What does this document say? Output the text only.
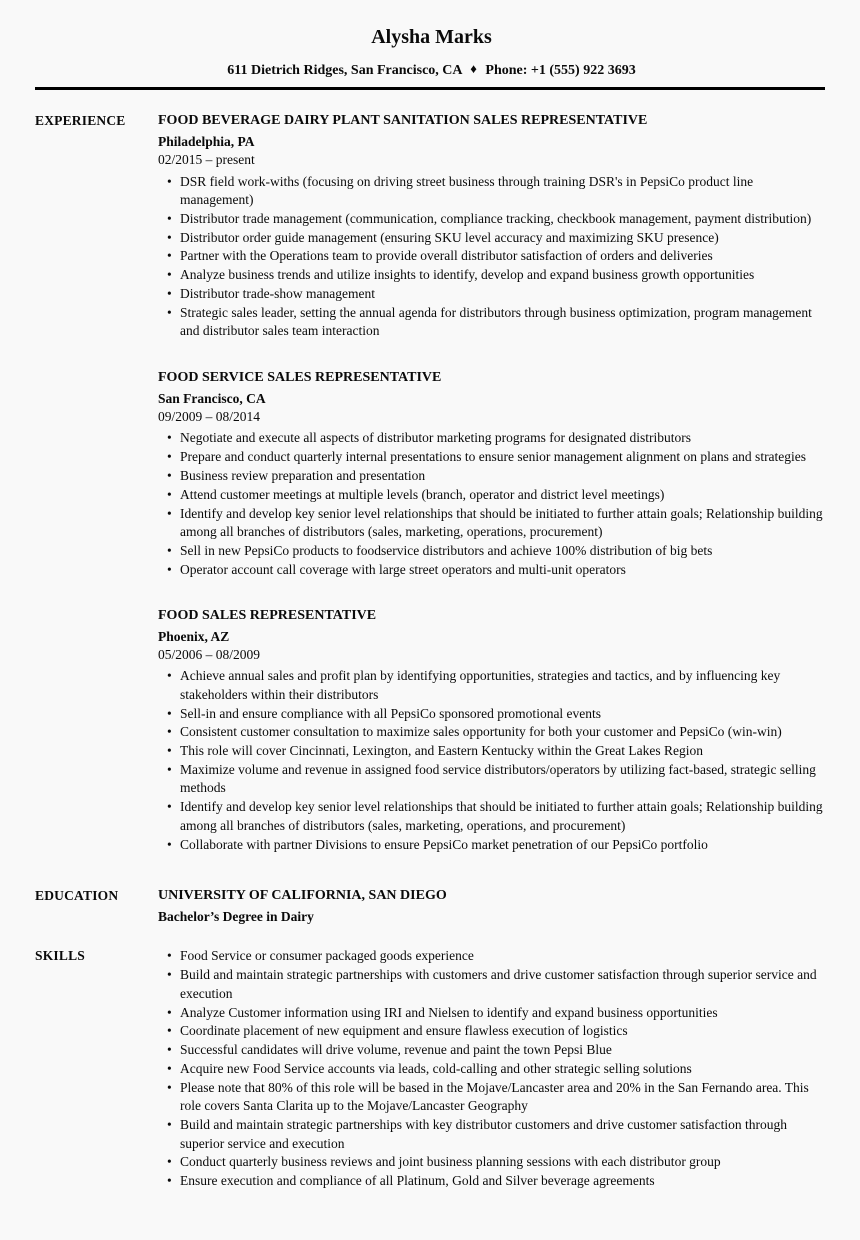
Alysha Marks
611 Dietrich Ridges, San Francisco, CA ♦ Phone: +1 (555) 922 3693
EXPERIENCE	FOOD BEVERAGE DAIRY PLANT SANITATION SALES REPRESENTATIVE
Philadelphia, PA
02/2015 – present
• DSR field work-withs (focusing on driving street business through training DSR's in PepsiCo product line management)
• Distributor trade management (communication, compliance tracking, checkbook management, payment distribution)
• Distributor order guide management (ensuring SKU level accuracy and maximizing SKU presence)
• Partner with the Operations team to provide overall distributor satisfaction of orders and deliveries
• Analyze business trends and utilize insights to identify, develop and expand business growth opportunities
• Distributor trade-show management
• Strategic sales leader, setting the annual agenda for distributors through business optimization, program management and distributor sales team interaction
FOOD SERVICE SALES REPRESENTATIVE
San Francisco, CA
09/2009 – 08/2014
• Negotiate and execute all aspects of distributor marketing programs for designated distributors
• Prepare and conduct quarterly internal presentations to ensure senior management alignment on plans and strategies
• Business review preparation and presentation
• Attend customer meetings at multiple levels (branch, operator and district level meetings)
• Identify and develop key senior level relationships that should be initiated to further attain goals; Relationship building among all branches of distributors (sales, marketing, operations, procurement)
• Sell in new PepsiCo products to foodservice distributors and achieve 100% distribution of big bets
• Operator account call coverage with large street operators and multi-unit operators
FOOD SALES REPRESENTATIVE
Phoenix, AZ
05/2006 – 08/2009
• Achieve annual sales and profit plan by identifying opportunities, strategies and tactics, and by influencing key stakeholders within their distributors
• Sell-in and ensure compliance with all PepsiCo sponsored promotional events
• Consistent customer consultation to maximize sales opportunity for both your customer and PepsiCo (win-win)
• This role will cover Cincinnati, Lexington, and Eastern Kentucky within the Great Lakes Region
• Maximize volume and revenue in assigned food service distributors/operators by utilizing fact-based, strategic selling methods
• Identify and develop key senior level relationships that should be initiated to further attain goals; Relationship building among all branches of distributors (sales, marketing, operations, and procurement)
• Collaborate with partner Divisions to ensure PepsiCo market penetration of our PepsiCo portfolio
EDUCATION	UNIVERSITY OF CALIFORNIA, SAN DIEGO
Bachelor’s Degree in Dairy
SKILLS	• Food Service or consumer packaged goods experience
• Build and maintain strategic partnerships with customers and drive customer satisfaction through superior service and execution
• Analyze Customer information using IRI and Nielsen to identify and expand business opportunities
• Coordinate placement of new equipment and ensure flawless execution of logistics
• Successful candidates will drive volume, revenue and paint the town Pepsi Blue
• Acquire new Food Service accounts via leads, cold-calling and other strategic selling solutions
• Please note that 80% of this role will be based in the Mojave/Lancaster area and 20% in the San Fernando area. This role covers Santa Clarita up to the Mojave/Lancaster Geography
• Build and maintain strategic partnerships with key distributor customers and drive customer satisfaction through superior service and execution
• Conduct quarterly business reviews and joint business planning sessions with each distributor group
• Ensure execution and compliance of all Platinum, Gold and Silver beverage agreements
